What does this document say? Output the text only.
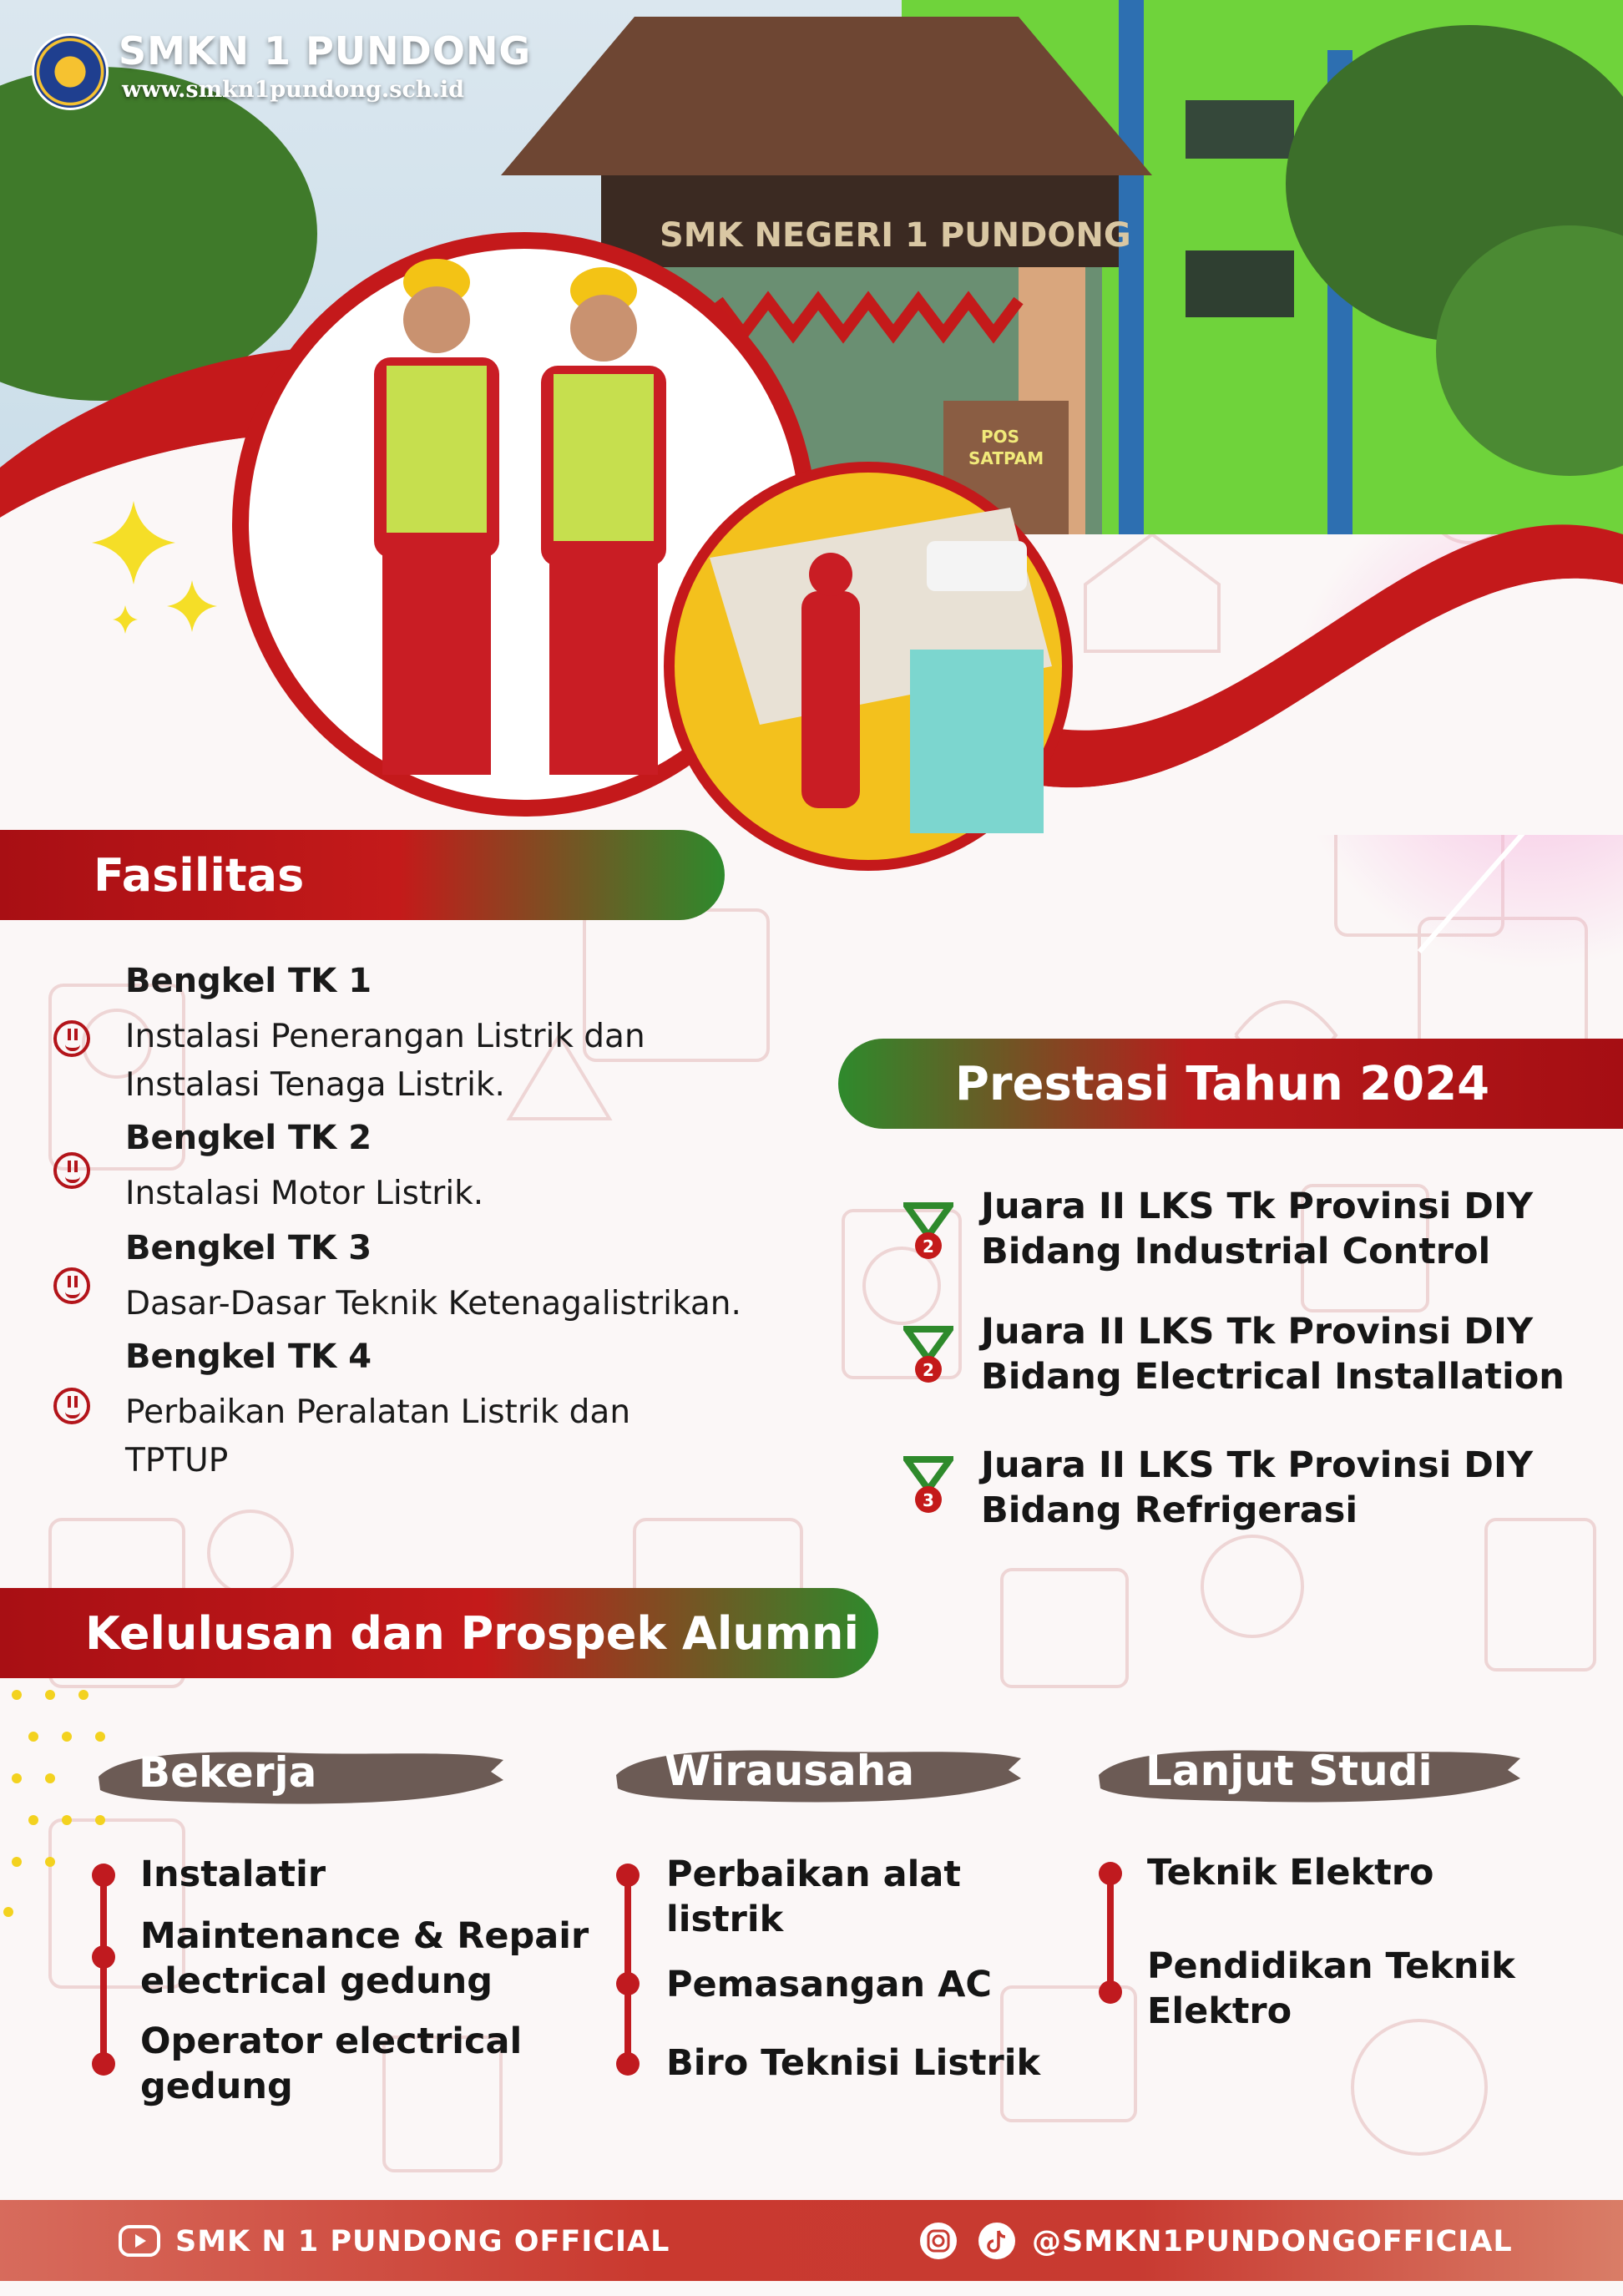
SMK NEGERI 1 PUNDONG
POS
SATPAM
SMKN 1 PUNDONG
www.smkn1pundong.sch.id
Fasilitas
Bengkel TK 1
Instalasi Penerangan Listrik dan
Instalasi Tenaga Listrik.
Bengkel TK 2
Instalasi Motor Listrik.
Bengkel TK 3
Dasar-Dasar Teknik Ketenagalistrikan.
Bengkel TK 4
Perbaikan Peralatan Listrik dan
TPTUP
Prestasi Tahun 2024
2
Juara II LKS Tk Provinsi DIY
Bidang Industrial Control
2
Juara II LKS Tk Provinsi DIY
Bidang Electrical Installation
3
Juara II LKS Tk Provinsi DIY
Bidang Refrigerasi
Kelulusan dan Prospek Alumni
Bekerja	Wirausaha	Lanjut Studi
Instalatir
Maintenance & Repair
electrical gedung
Operator electrical
gedung
Perbaikan alat
listrik
Pemasangan AC
Biro Teknisi Listrik
Teknik Elektro
Pendidikan Teknik
Elektro
SMK N 1 PUNDONG OFFICIAL	@SMKN1PUNDONGOFFICIAL
